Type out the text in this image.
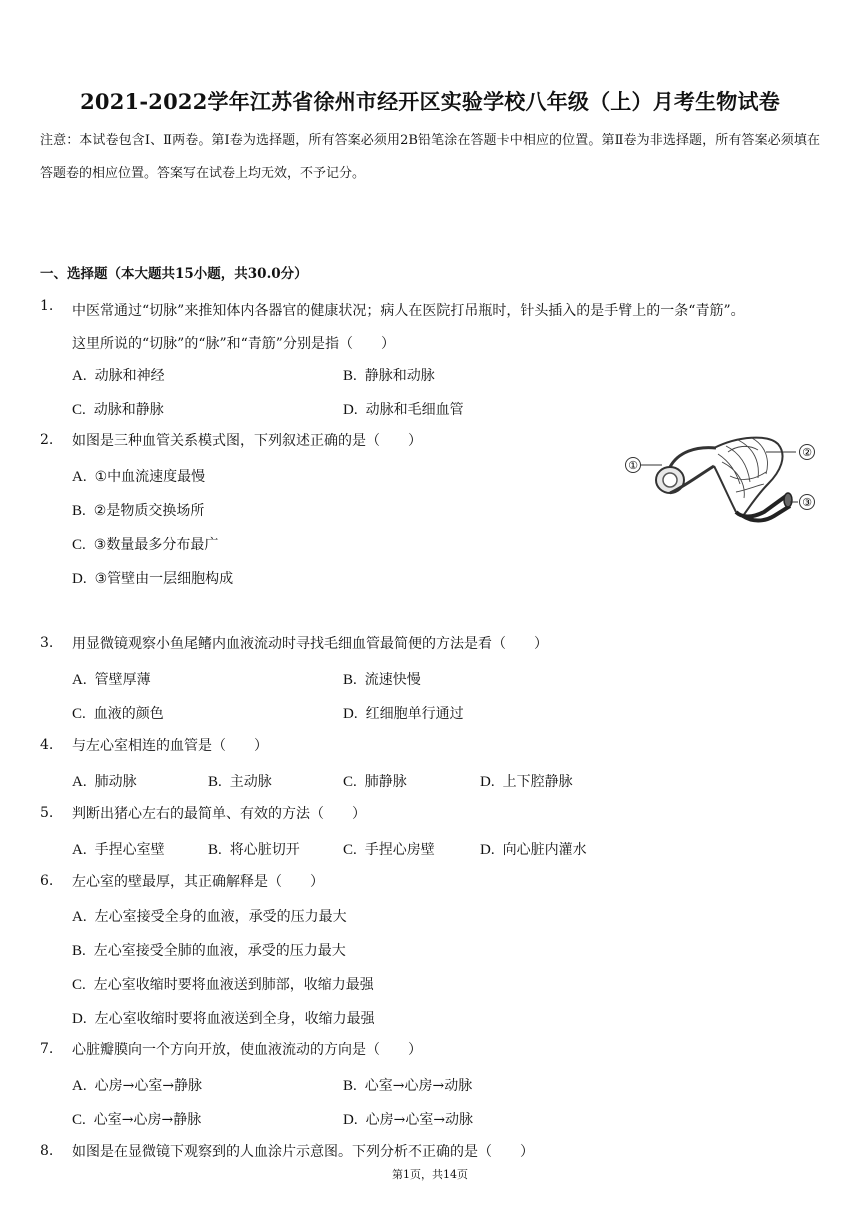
2021-2022学年江苏省徐州市经开区实验学校八年级（上）月考生物试卷
注意：本试卷包含Ⅰ、Ⅱ两卷。第Ⅰ卷为选择题，所有答案必须用2B铅笔涂在答题卡中相应的位置。第Ⅱ卷为非选择题，所有答案必须填在答题卷的相应位置。答案写在试卷上均无效，不予记分。
一、选择题（本大题共15小题，共30.0分）
1. 中医常通过“切脉”来推知体内各器官的健康状况；病人在医院打吊瓶时，针头插入的是手臂上的一条“青筋”。
这里所说的“切脉”的“脉”和“青筋”分别是指（　　）
A. 动脉和神经	B. 静脉和动脉
C. 动脉和静脉	D. 动脉和毛细血管
2. 如图是三种血管关系模式图，下列叙述正确的是（　　）
A. ①中血流速度最慢
B. ②是物质交换场所
C. ③数量最多分布最广
D. ③管壁由一层细胞构成
①
②
③
3. 用显微镜观察小鱼尾鳍内血液流动时寻找毛细血管最简便的方法是看（　　）
A. 管壁厚薄	B. 流速快慢
C. 血液的颜色	D. 红细胞单行通过
4. 与左心室相连的血管是（　　）
A. 肺动脉	B. 主动脉	C. 肺静脉	D. 上下腔静脉
5. 判断出猪心左右的最简单、有效的方法（　　）
A. 手捏心室壁	B. 将心脏切开	C. 手捏心房壁	D. 向心脏内灌水
6. 左心室的壁最厚，其正确解释是（　　）
A. 左心室接受全身的血液，承受的压力最大
B. 左心室接受全肺的血液，承受的压力最大
C. 左心室收缩时要将血液送到肺部，收缩力最强
D. 左心室收缩时要将血液送到全身，收缩力最强
7. 心脏瓣膜向一个方向开放，使血液流动的方向是（　　）
A. 心房→心室→静脉	B. 心室→心房→动脉
C. 心室→心房→静脉	D. 心房→心室→动脉
8. 如图是在显微镜下观察到的人血涂片示意图。下列分析不正确的是（　　）
第1页，共14页
